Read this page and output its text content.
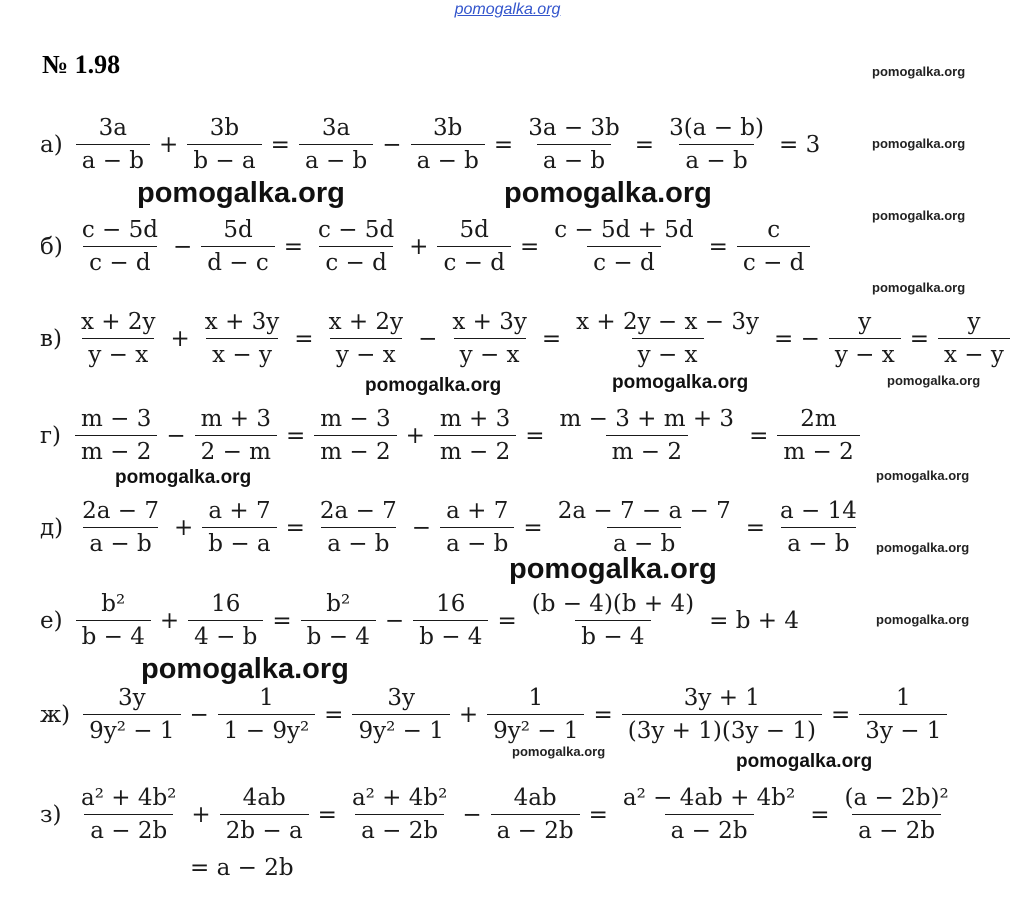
pomogalka.org
№ 1.98
$а) \frac{3a}{a - b} + \frac{3b}{b - a} = \frac{3a}{a - b} - \frac{3b}{a - b} = \frac{3a - 3b}{a - b} = \frac{3(a - b)}{a - b} = 3$
$б) \frac{c - 5d}{c - d} - \frac{5d}{d - c} = \frac{c - 5d}{c - d} + \frac{5d}{c - d} = \frac{c - 5d + 5d}{c - d} = \frac{c}{c - d}$
$в) \frac{x + 2y}{y - x} + \frac{x + 3y}{x - y} = \frac{x + 2y}{y - x} - \frac{x + 3y}{y - x} = \frac{x + 2y - x - 3y}{y - x}$ = − $\frac{y}{y - x} = \frac{y}{x - y}$
$г) \frac{m - 3}{m - 2} - \frac{m + 3}{2 - m} = \frac{m - 3}{m - 2} + \frac{m + 3}{m - 2} = \frac{m - 3 + m + 3}{m - 2} = \frac{2m}{m - 2}$
$д) \frac{2a - 7}{a - b} + \frac{a + 7}{b - a} = \frac{2a - 7}{a - b} - \frac{a + 7}{a - b} = \frac{2a - 7 - a - 7}{a - b} = \frac{a - 14}{a - b}$
$е) \frac{\text{b²}}{b - 4} + \frac{16}{4 - b} = \frac{\text{b²}}{b - 4} - \frac{16}{b - 4} = \frac{(b - 4)(b + 4)}{b - 4} = b + 4$
$ж) \frac{3y}{\text{9y² − 1}} - \frac{1}{\text{1 − 9y²}} = \frac{3y}{\text{9y² − 1}} + \frac{1}{\text{9y² − 1}} = \frac{3y + 1}{(3y + 1)(3y - 1)} = \frac{1}{3y - 1}$
$з) \frac{\text{a² + 4b²}}{a - 2b} + \frac{4ab}{2b - a} = \frac{\text{a² + 4b²}}{a - 2b} - \frac{4ab}{a - 2b} = \frac{\text{a² − 4ab + 4b²}}{a - 2b} = \frac{\text{(a − 2b)²}}{a - 2b}$
= a − 2b
pomogalka.org
pomogalka.org
pomogalka.org
pomogalka.org
pomogalka.org
pomogalka.org
pomogalka.org
pomogalka.org
pomogalka.org
pomogalka.org	pomogalka.org
pomogalka.org
pomogalka.org
pomogalka.org	pomogalka.org
pomogalka.org
pomogalka.org
